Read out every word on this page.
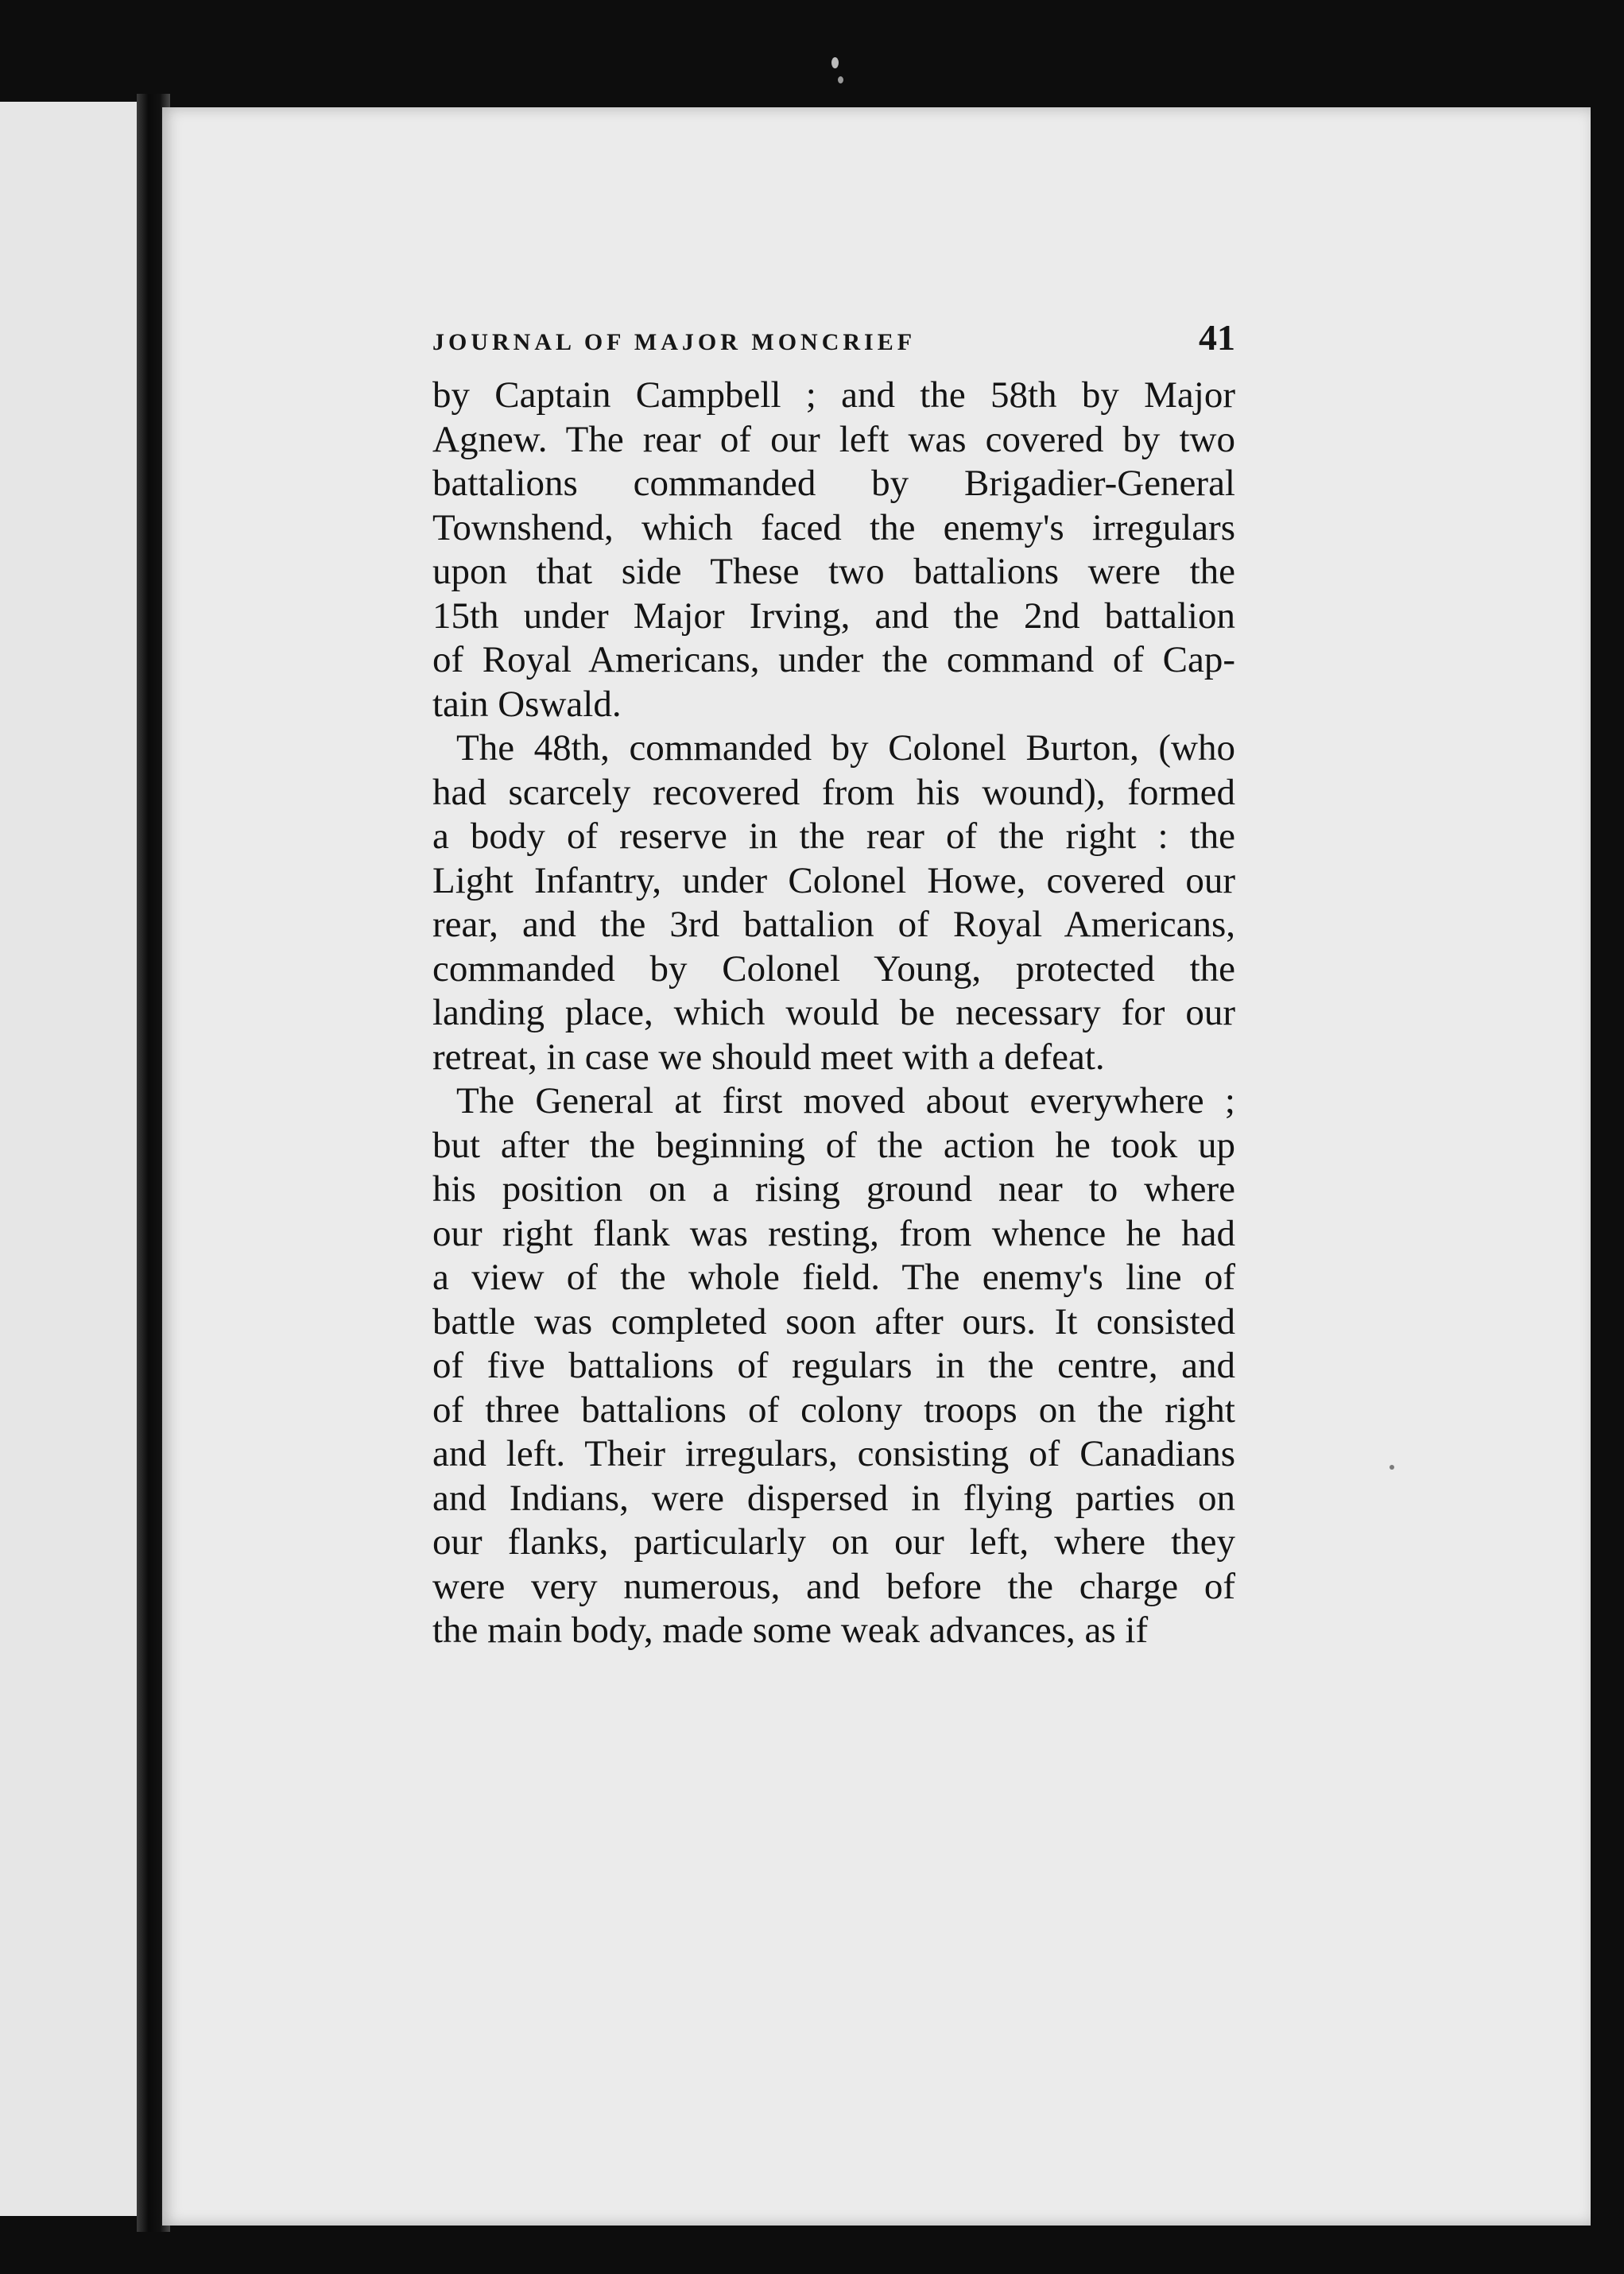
JOURNAL OF MAJOR MONCRIEF	41
by Captain Campbell ; and the 58th by Major
Agnew. The rear of our left was covered by two
battalions commanded by Brigadier-General
Townshend, which faced the enemy's irregulars
upon that side These two battalions were the
15th under Major Irving, and the 2nd battalion
of Royal Americans, under the command of Cap-
tain Oswald.
The 48th, commanded by Colonel Burton, (who
had scarcely recovered from his wound), formed
a body of reserve in the rear of the right : the
Light Infantry, under Colonel Howe, covered our
rear, and the 3rd battalion of Royal Americans,
commanded by Colonel Young, protected the
landing place, which would be necessary for our
retreat, in case we should meet with a defeat.
The General at first moved about everywhere ;
but after the beginning of the action he took up
his position on a rising ground near to where
our right flank was resting, from whence he had
a view of the whole field. The enemy's line of
battle was completed soon after ours. It consisted
of five battalions of regulars in the centre, and
of three battalions of colony troops on the right
and left. Their irregulars, consisting of Canadians
and Indians, were dispersed in flying parties on
our flanks, particularly on our left, where they
were very numerous, and before the charge of
the main body, made some weak advances, as if
